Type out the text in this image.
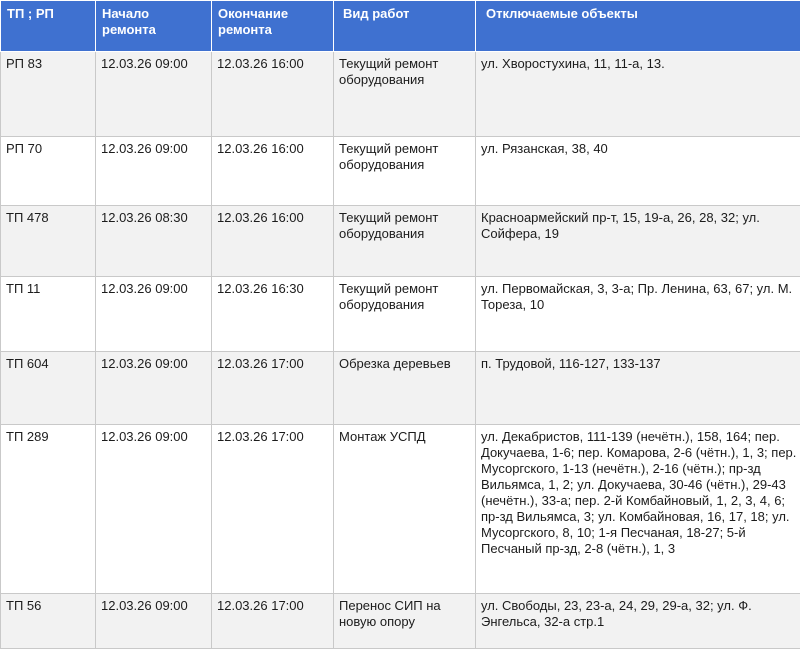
ТП ; РП	Начало ремонта	Окончание ремонта	Вид работ	Отключаемые объекты
РП 83	12.03.26 09:00	12.03.26 16:00	Текущий ремонт оборудования	ул. Хворостухина, 11, 11-а, 13.
РП 70	12.03.26 09:00	12.03.26 16:00	Текущий ремонт оборудования	ул. Рязанская, 38, 40
ТП 478	12.03.26 08:30	12.03.26 16:00	Текущий ремонт оборудования	Красноармейский пр-т, 15, 19-а, 26, 28, 32; ул. Сойфера, 19
ТП 11	12.03.26 09:00	12.03.26 16:30	Текущий ремонт оборудования	ул. Первомайская, 3, 3-а; Пр. Ленина, 63, 67; ул. М. Тореза, 10
ТП 604	12.03.26 09:00	12.03.26 17:00	Обрезка деревьев	п. Трудовой, 116-127, 133-137
ТП 289	12.03.26 09:00	12.03.26 17:00	Монтаж УСПД	ул. Декабристов, 111-139 (нечётн.), 158, 164; пер. Докучаева, 1-6; пер. Комарова, 2-6 (чётн.), 1, 3; пер. Мусоргского, 1-13 (нечётн.), 2-16 (чётн.); пр-зд Вильямса, 1, 2; ул. Докучаева, 30-46 (чётн.), 29-43 (нечётн.), 33-а; пер. 2-й Комбайновый, 1, 2, 3, 4, 6; пр-зд Вильямса, 3; ул. Комбайновая, 16, 17, 18; ул. Мусоргского, 8, 10; 1-я Песчаная, 18-27; 5-й Песчаный пр-зд, 2-8 (чётн.), 1, 3
ТП 56	12.03.26 09:00	12.03.26 17:00	Перенос СИП на новую опору	ул. Свободы, 23, 23-а, 24, 29, 29-а, 32; ул. Ф. Энгельса, 32-а стр.1
